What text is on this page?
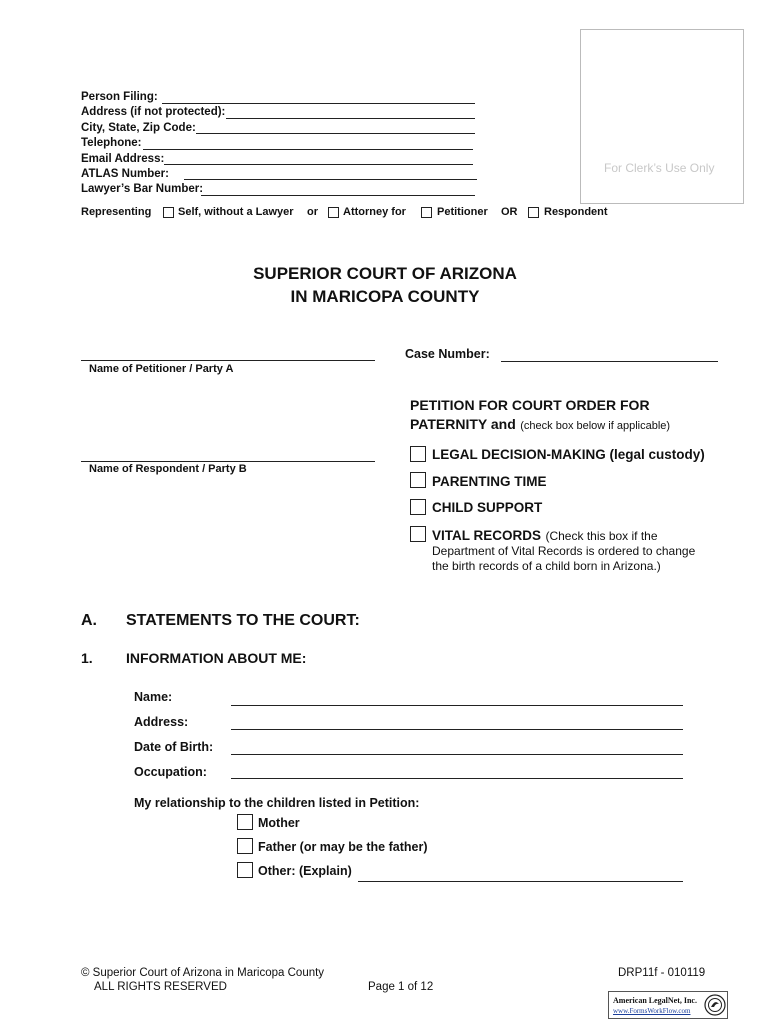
Person Filing:
Address (if not protected):
City, State, Zip Code:
Telephone:
Email Address:
ATLAS Number:
Lawyer’s Bar Number:
For Clerk’s Use Only
Representing Self, without a Lawyer or Attorney for	Petitioner OR Respondent
SUPERIOR COURT OF ARIZONA
IN MARICOPA COUNTY
Name of Petitioner / Party A
Case Number:
Name of Respondent / Party B
PETITION FOR COURT ORDER FOR
PATERNITY and (check box below if applicable)
LEGAL DECISION-MAKING (legal custody)
PARENTING TIME
CHILD SUPPORT
VITAL RECORDS (Check this box if the
Department of Vital Records is ordered to change
the birth records of a child born in Arizona.)
A. STATEMENTS TO THE COURT:
1. INFORMATION ABOUT ME:
Name:
Address:
Date of Birth:
Occupation:
My relationship to the children listed in Petition:
Mother
Father (or may be the father)
Other: (Explain)
© Superior Court of Arizona in Maricopa County
ALL RIGHTS RESERVED	Page 1 of 12
DRP11f - 010119
American LegalNet, Inc.
www.FormsWorkFlow.com
